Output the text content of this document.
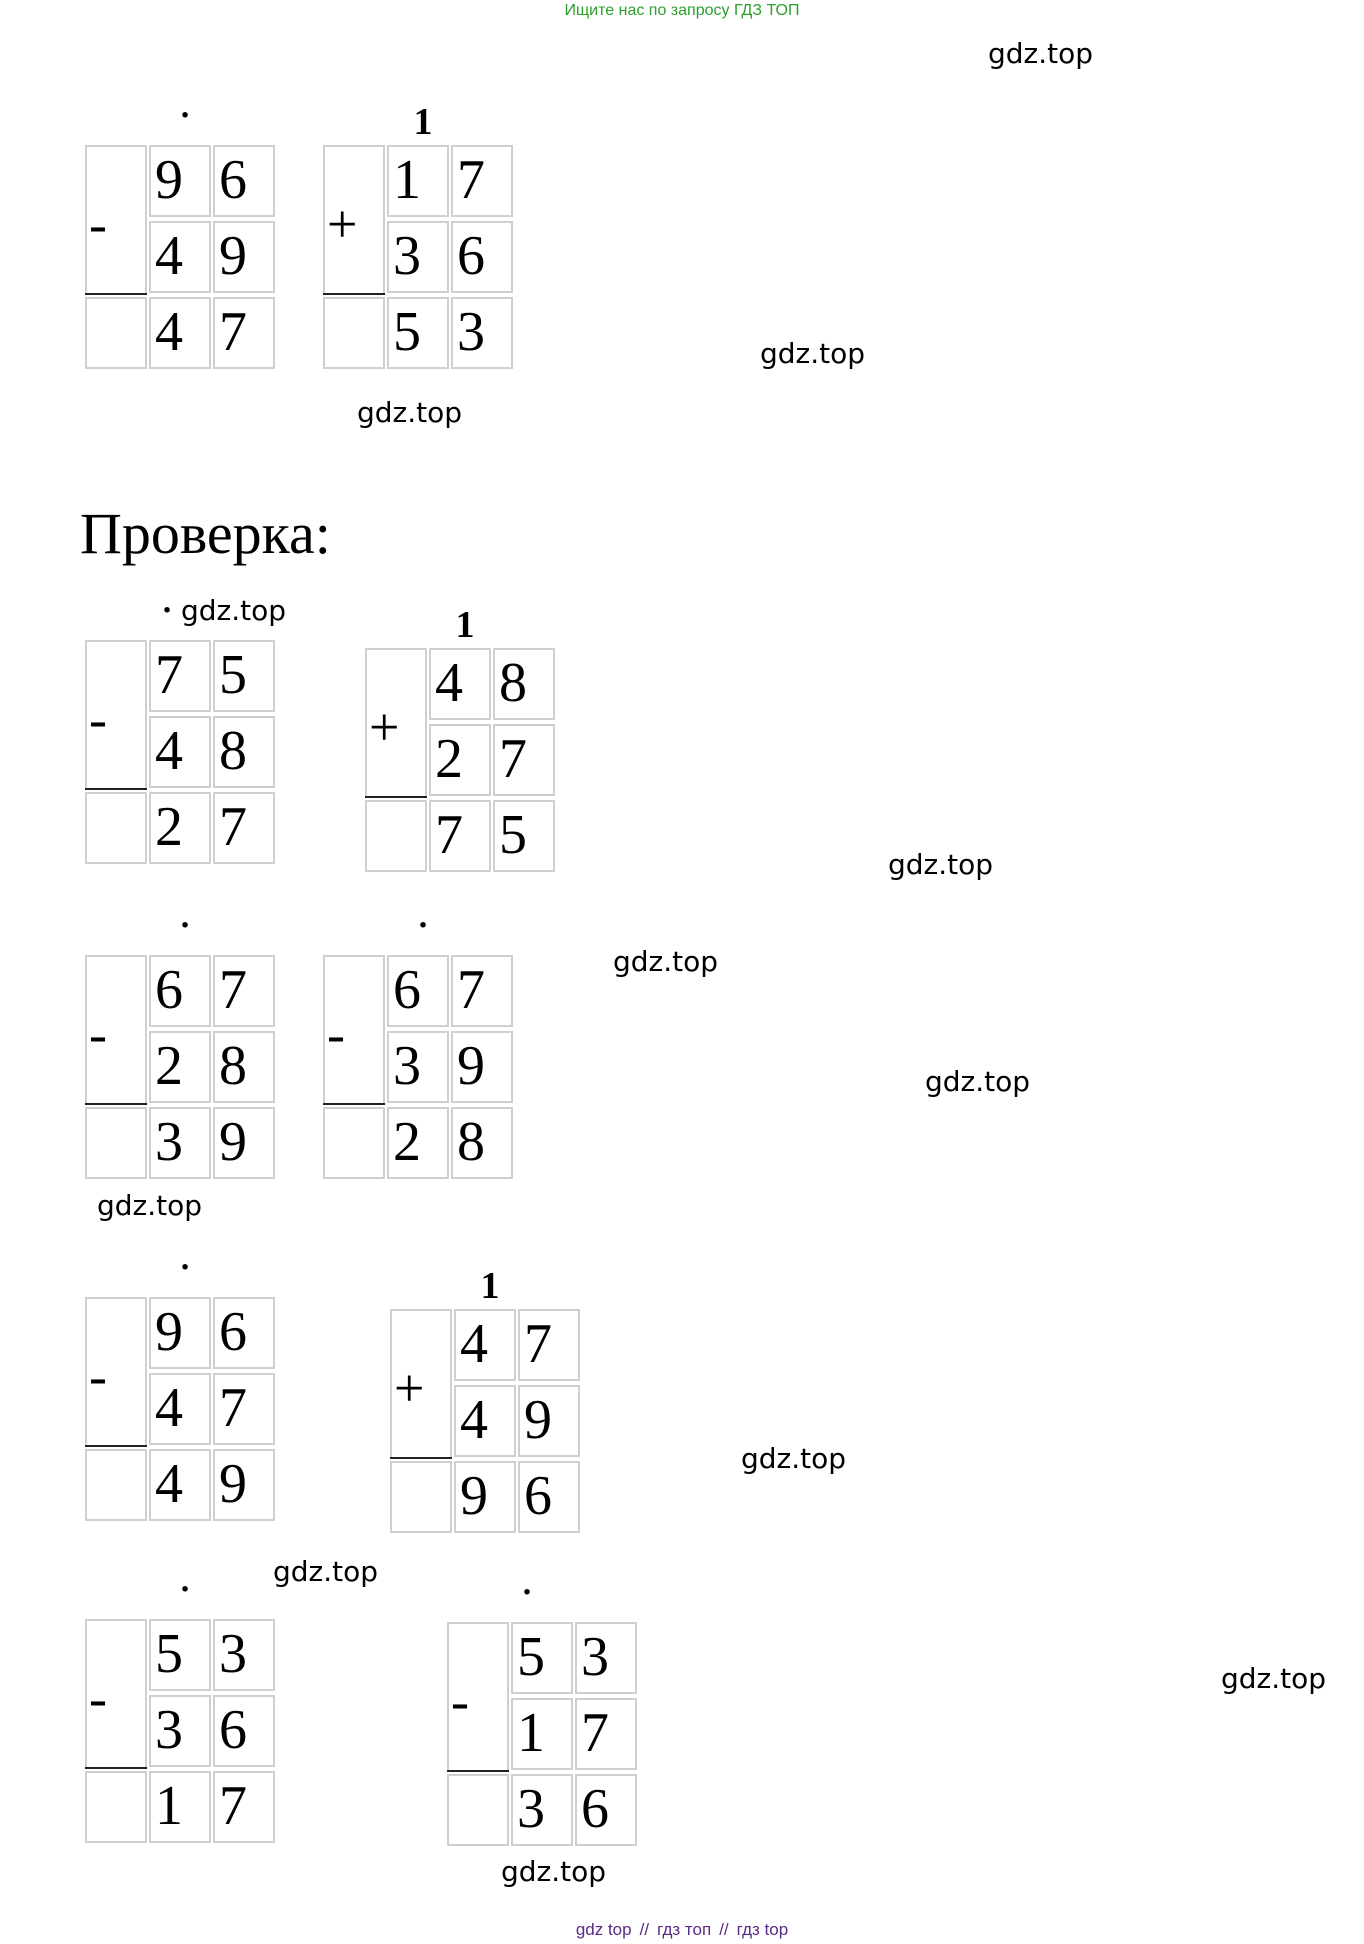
Ищите нас по запросу ГДЗ ТОП
gdz.top
gdz.top
gdz.top
gdz.top
gdz.top
gdz.top
gdz.top
gdz.top
gdz.top
gdz.top
gdz.top
gdz.top
Проверка:
·
-
9 6
4 9
4 7
1
+
1 7
3 6
5 3
·
-
7 5
4 8
2 7
1
+
4 8
2 7
7 5
·
-
6 7
2 8
3 9
·
-
6 7
3 9
2 8
·
-
9 6
4 7
4 9
1
+
4 7
4 9
9 6
·
-
5 3
3 6
1 7
·
-
5 3
1 7
3 6
gdz top // гдз топ // гдз top
